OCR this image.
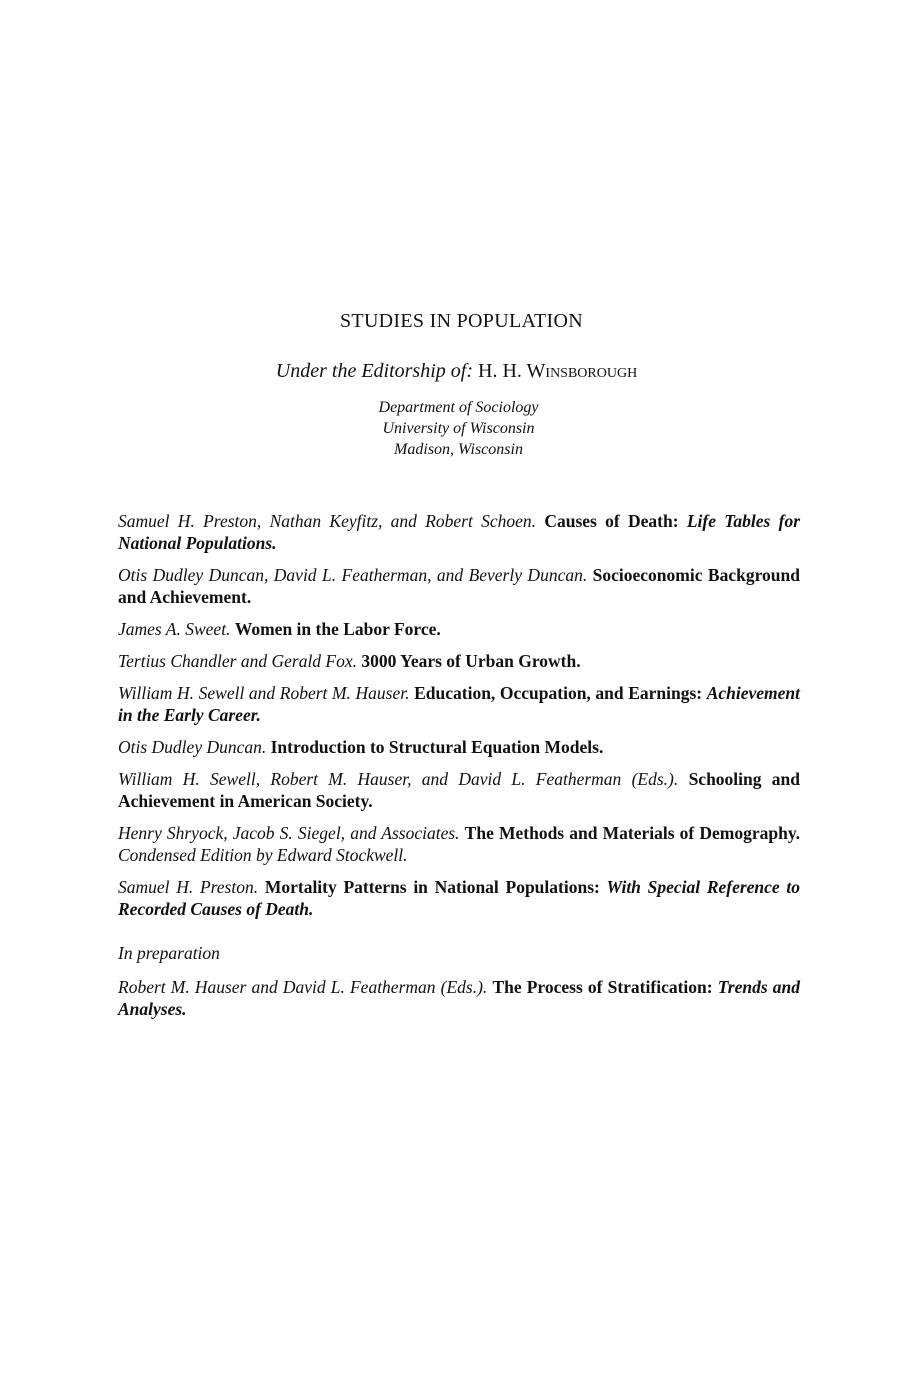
STUDIES IN POPULATION
Under the Editorship of: H. H. Winsborough
Department of Sociology
University of Wisconsin
Madison, Wisconsin
Samuel H. Preston, Nathan Keyfitz, and Robert Schoen. Causes of Death: Life Tables for National Populations.
Otis Dudley Duncan, David L. Featherman, and Beverly Duncan. Socioeconomic Background and Achievement.
James A. Sweet. Women in the Labor Force.
Tertius Chandler and Gerald Fox. 3000 Years of Urban Growth.
William H. Sewell and Robert M. Hauser. Education, Occupation, and Earnings: Achievement in the Early Career.
Otis Dudley Duncan. Introduction to Structural Equation Models.
William H. Sewell, Robert M. Hauser, and David L. Featherman (Eds.). Schooling and Achievement in American Society.
Henry Shryock, Jacob S. Siegel, and Associates. The Methods and Materials of Demography. Condensed Edition by Edward Stockwell.
Samuel H. Preston. Mortality Patterns in National Populations: With Special Reference to Recorded Causes of Death.
In preparation
Robert M. Hauser and David L. Featherman (Eds.). The Process of Stratification: Trends and Analyses.
